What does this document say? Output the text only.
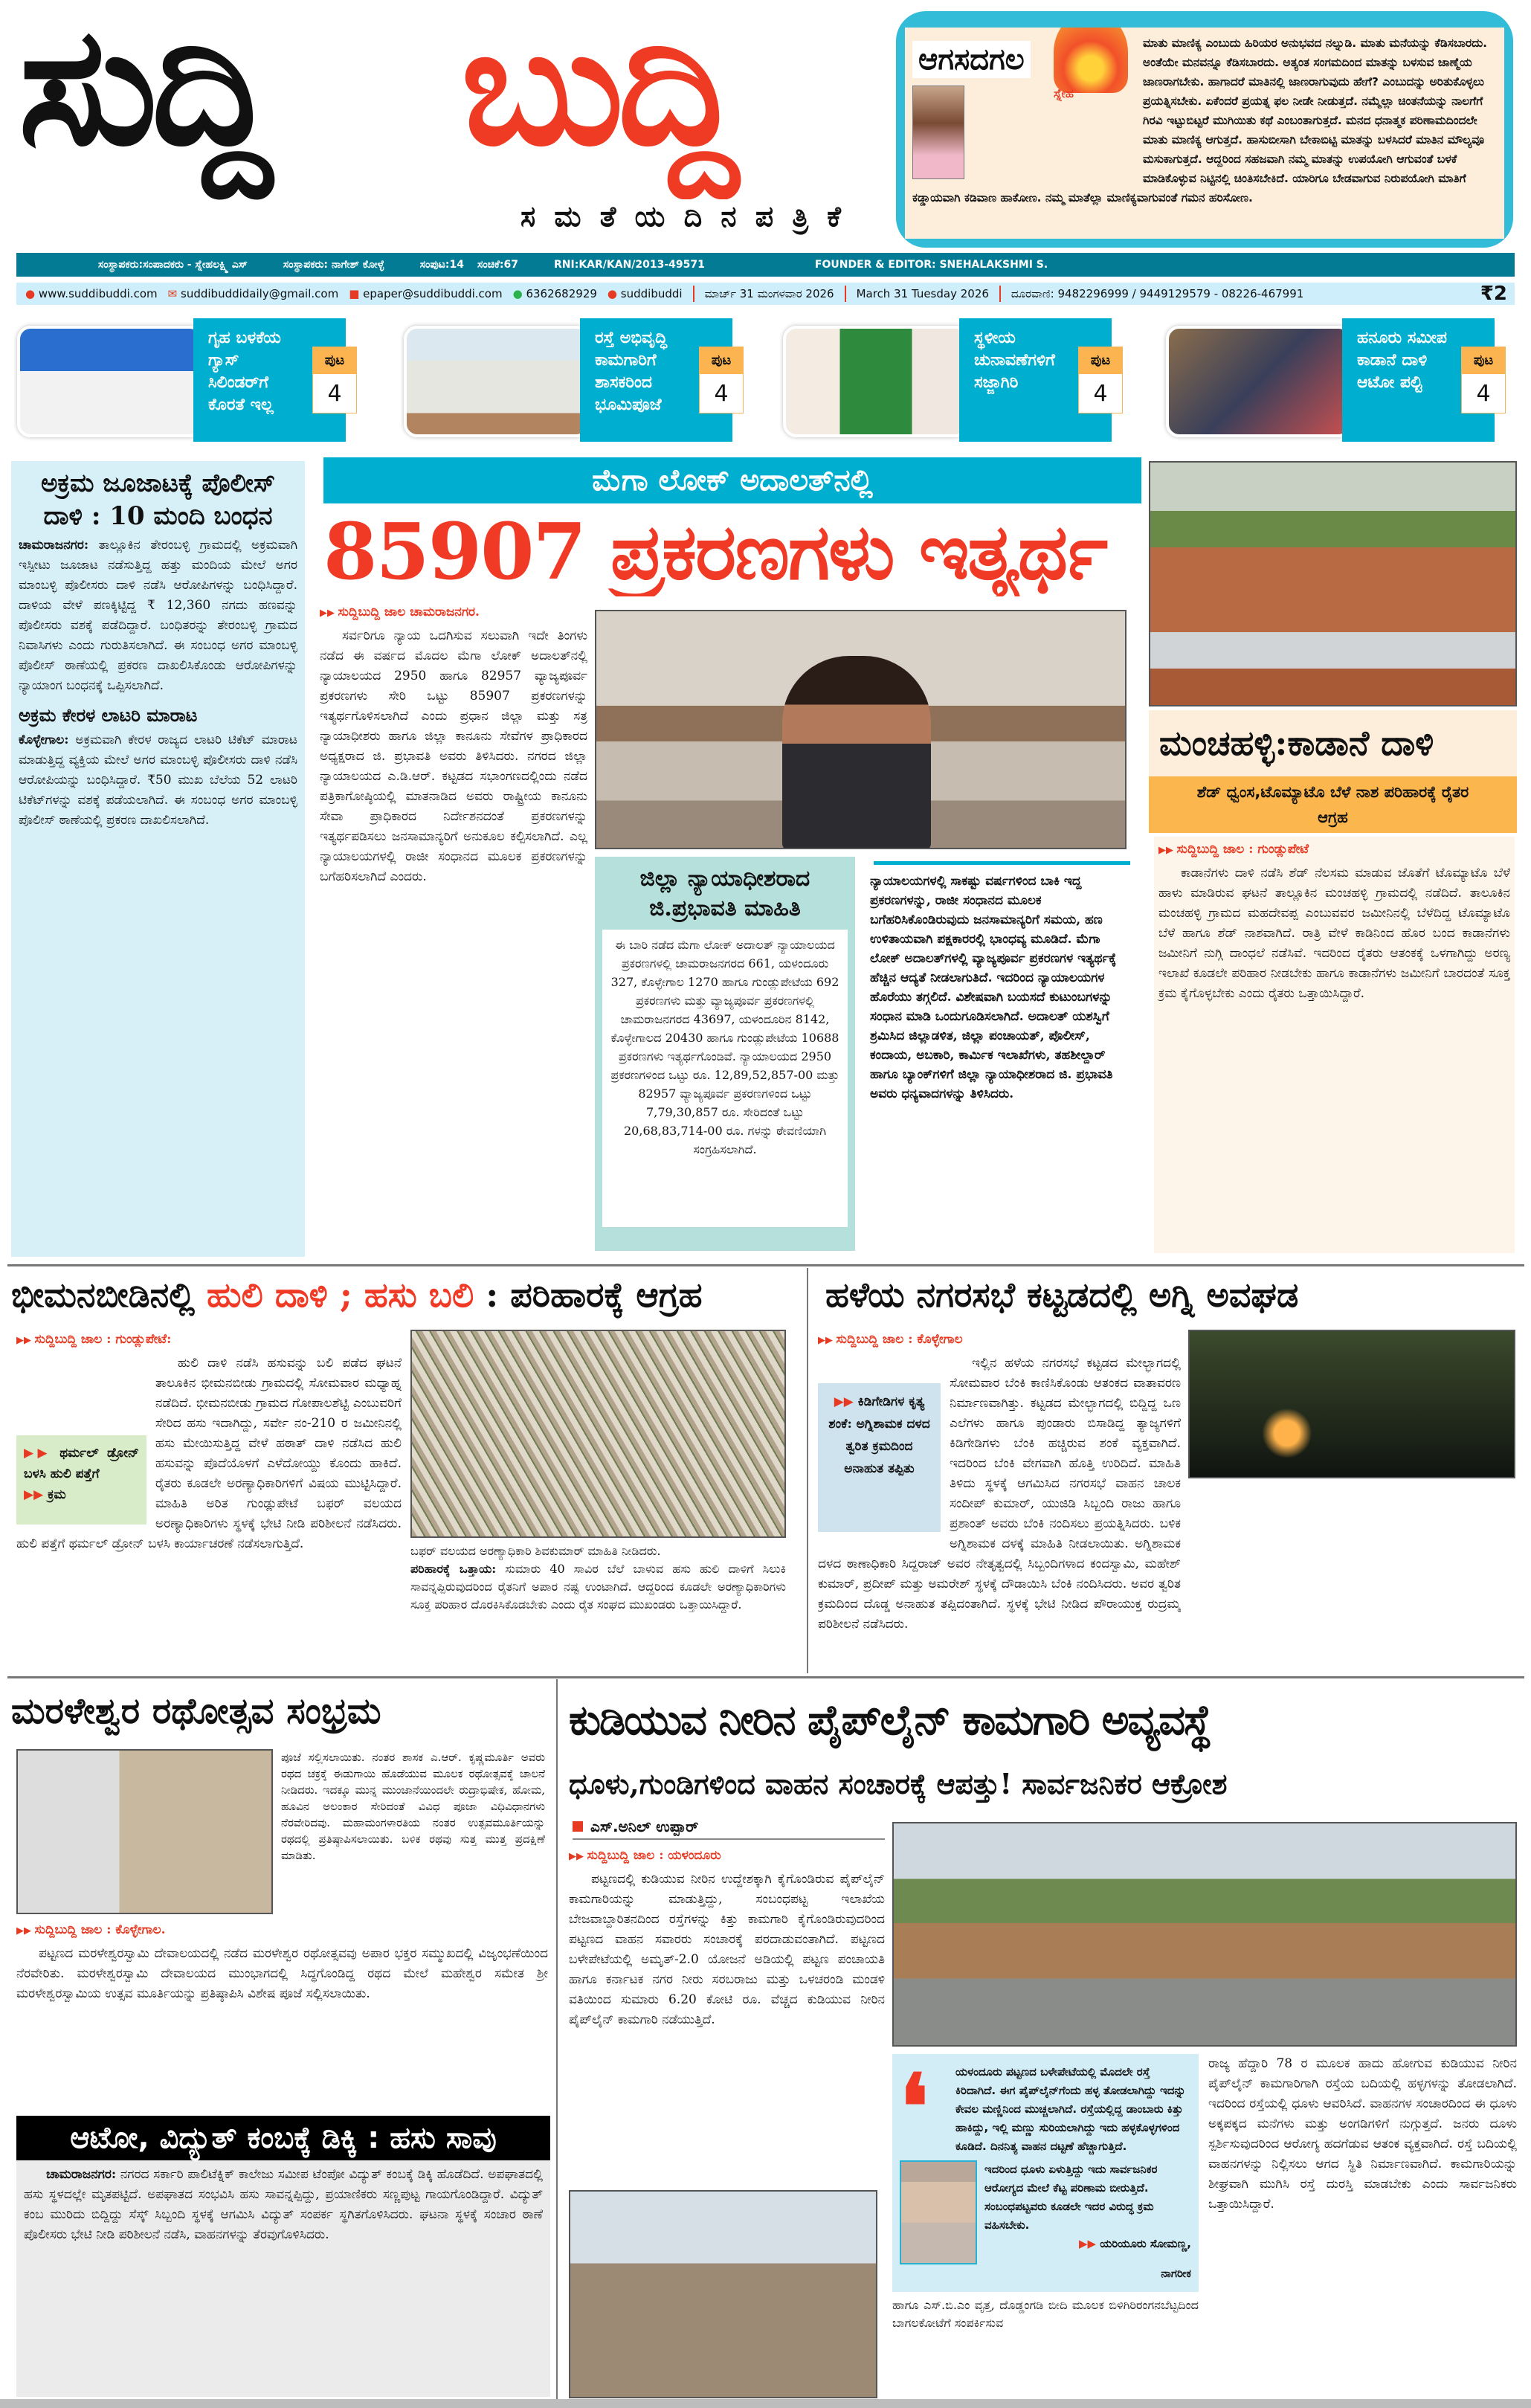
ಸುದ್ದಿ ಬುದ್ದಿ
ಸ ಮ ತೆ ಯ ದಿ ನ ಪ ತ್ರಿ ಕೆ
ಆಗಸದಗಲ
ಸ್ನೇಹ
ಮಾತು ಮಾಣಿಕ್ಯ ಎಂಬುದು ಹಿರಿಯರ ಅನುಭವದ ನಲ್ನುಡಿ. ಮಾತು ಮನೆಯನ್ನು ಕೆಡಿಸಬಾರದು. ಅಂತೆಯೇ ಮನವನ್ನೂ ಕೆಡಿಸಬಾರದು. ಅತ್ಯಂತ ಸಂಗಮದಿಂದ ಮಾತನ್ನು ಬಳಸುವ ಜಾಣ್ಮೆಯ ಜಾಣರಾಗಬೇಕು. ಹಾಗಾದರೆ ಮಾತಿನಲ್ಲಿ ಜಾಣರಾಗುವುದು ಹೇಗೆ? ಎಂಬುದನ್ನು ಅರಿತುಕೊಳ್ಳಲು ಪ್ರಯತ್ನಿಸಬೇಕು. ಏಕೆಂದರೆ ಪ್ರಯತ್ನ ಫಲ ನೀಡೇ ನೀಡುತ್ತದೆ. ನಮ್ಮೆಲ್ಲಾ ಚಿಂತನೆಯನ್ನು ನಾಲಗೆಗೆ ಗಿರವಿ ಇಟ್ಟುಬಿಟ್ಟರೆ ಮುಗಿಯಿತು ಕಥೆ ಎಂಬಂತಾಗುತ್ತದೆ. ಮನದ ಧನಾತ್ಮಕ ಪರಿಣಾಮದಿಂದಲೇ ಮಾತು ಮಾಣಿಕ್ಯ ಆಗುತ್ತದೆ. ಹಾಸುಬೀಸಾಗಿ ಬೇಕಾಬಿಟ್ಟಿ ಮಾತನ್ನು ಬಳಸಿದರೆ ಮಾತಿನ ಮೌಲ್ಯವೂ ಮಸುಕಾಗುತ್ತದೆ. ಆದ್ದರಿಂದ ಸಹಜವಾಗಿ ನಮ್ಮ ಮಾತನ್ನು ಉಪಯೋಗಿ ಆಗುವಂತೆ ಬಳಕೆ ಮಾಡಿಕೊಳ್ಳುವ ನಿಟ್ಟಿನಲ್ಲಿ ಚಿಂತಿಸಬೇಕಿದೆ. ಯಾರಿಗೂ ಬೇಡವಾಗುವ ನಿರುಪಯೋಗಿ ಮಾತಿಗೆ ಕಡ್ಡಾಯವಾಗಿ ಕಡಿವಾಣ ಹಾಕೋಣ. ನಮ್ಮ ಮಾತೆಲ್ಲಾ ಮಾಣಿಕ್ಯವಾಗುವಂತೆ ಗಮನ ಹರಿಸೋಣ.
ಸಂಸ್ಥಾಪಕರು:ಸಂಪಾದಕರು - ಸ್ನೇಹಲಕ್ಷ್ಮಿ ಎಸ್	ಸಂಸ್ಥಾಪಕರು: ನಾಗೇಶ್ ಕೋಳ್ಳೆ	ಸಂಪುಟ:14 ಸಂಚಿಕೆ:67	RNI:KAR/KAN/2013-49571	FOUNDER & EDITOR: SNEHALAKSHMI S.
● www.suddibuddi.com ✉ suddibuddidaily@gmail.com ■ epaper@suddibuddi.com ● 6362682929 ● suddibuddi ಮಾರ್ಚ್ 31 ಮಂಗಳವಾರ 2026 March 31 Tuesday 2026 ದೂರವಾಣಿ: 9482296999 / 9449129579 - 08226-467991	₹2
ಗೃಹ ಬಳಕೆಯ ಗ್ಯಾಸ್ ಸಿಲಿಂಡರ್‌ಗೆ ಕೊರತೆ ಇಲ್ಲ
ಪುಟ
4
ರಸ್ತೆ ಅಭಿವೃದ್ಧಿ ಕಾಮಗಾರಿಗೆ ಶಾಸಕರಿಂದ ಭೂಮಿಪೂಜೆ
ಪುಟ
4
ಸ್ಥಳೀಯ ಚುನಾವಣೆಗಳಿಗೆ ಸಜ್ಜಾಗಿರಿ
ಪುಟ
4
ಹನೂರು ಸಮೀಪ ಕಾಡಾನೆ ದಾಳಿ ಆಟೋ ಪಲ್ಟಿ
ಪುಟ
4
ಅಕ್ರಮ ಜೂಜಾಟಕ್ಕೆ ಪೊಲೀಸ್ ದಾಳಿ : 10 ಮಂದಿ ಬಂಧನ
ಚಾಮರಾಜನಗರ: ತಾಲ್ಲೂಕಿನ ತೇರಂಬಳ್ಳಿ ಗ್ರಾಮದಲ್ಲಿ ಅಕ್ರಮವಾಗಿ ಇಸ್ಪೀಟು ಜೂಜಾಟ ನಡೆಸುತ್ತಿದ್ದ ಹತ್ತು ಮಂದಿಯ ಮೇಲೆ ಅಗರ ಮಾಂಬಳ್ಳಿ ಪೊಲೀಸರು ದಾಳಿ ನಡೆಸಿ ಆರೋಪಿಗಳನ್ನು ಬಂಧಿಸಿದ್ದಾರೆ. ದಾಳಿಯ ವೇಳೆ ಪಣಕ್ಕಿಟ್ಟಿದ್ದ ₹ 12,360 ನಗದು ಹಣವನ್ನು ಪೊಲೀಸರು ವಶಕ್ಕೆ ಪಡೆದಿದ್ದಾರೆ. ಬಂಧಿತರನ್ನು ತೇರಂಬಳ್ಳಿ ಗ್ರಾಮದ ನಿವಾಸಿಗಳು ಎಂದು ಗುರುತಿಸಲಾಗಿದೆ. ಈ ಸಂಬಂಧ ಅಗರ ಮಾಂಬಳ್ಳಿ ಪೊಲೀಸ್ ಠಾಣೆಯಲ್ಲಿ ಪ್ರಕರಣ ದಾಖಲಿಸಿಕೊಂಡು ಆರೋಪಿಗಳನ್ನು ನ್ಯಾಯಾಂಗ ಬಂಧನಕ್ಕೆ ಒಪ್ಪಿಸಲಾಗಿದೆ.
ಅಕ್ರಮ ಕೇರಳ ಲಾಟರಿ ಮಾರಾಟ
ಕೊಳ್ಳೇಗಾಲ: ಅಕ್ರಮವಾಗಿ ಕೇರಳ ರಾಜ್ಯದ ಲಾಟರಿ ಟಿಕೆಟ್ ಮಾರಾಟ ಮಾಡುತ್ತಿದ್ದ ವ್ಯಕ್ತಿಯ ಮೇಲೆ ಅಗರ ಮಾಂಬಳ್ಳಿ ಪೊಲೀಸರು ದಾಳಿ ನಡೆಸಿ ಆರೋಪಿಯನ್ನು ಬಂಧಿಸಿದ್ದಾರೆ. ₹50 ಮುಖ ಬೆಲೆಯ 52 ಲಾಟರಿ ಟಿಕೆಟ್‌ಗಳನ್ನು ವಶಕ್ಕೆ ಪಡೆಯಲಾಗಿದೆ. ಈ ಸಂಬಂಧ ಅಗರ ಮಾಂಬಳ್ಳಿ ಪೊಲೀಸ್ ಠಾಣೆಯಲ್ಲಿ ಪ್ರಕರಣ ದಾಖಲಿಸಲಾಗಿದೆ.
ಮೆಗಾ ಲೋಕ್ ಅದಾಲತ್‌ನಲ್ಲಿ
85907 ಪ್ರಕರಣಗಳು ಇತ್ಯರ್ಥ
▶▶ ಸುದ್ದಿಬುದ್ದಿ ಜಾಲ ಚಾಮರಾಜನಗರ.

ಸರ್ವರಿಗೂ ನ್ಯಾಯ ಒದಗಿಸುವ ಸಲುವಾಗಿ ಇದೇ ತಿಂಗಳು ನಡೆದ ಈ ವರ್ಷದ ಮೊದಲ ಮೆಗಾ ಲೋಕ್ ಅದಾಲತ್‌ನಲ್ಲಿ ನ್ಯಾಯಾಲಯದ 2950 ಹಾಗೂ 82957 ವ್ಯಾಜ್ಯಪೂರ್ವ ಪ್ರಕರಣಗಳು ಸೇರಿ ಒಟ್ಟು 85907 ಪ್ರಕರಣಗಳನ್ನು ಇತ್ಯರ್ಥಗೊಳಿಸಲಾಗಿದೆ ಎಂದು ಪ್ರಧಾನ ಜಿಲ್ಲಾ ಮತ್ತು ಸತ್ರ ನ್ಯಾಯಾಧೀಶರು ಹಾಗೂ ಜಿಲ್ಲಾ ಕಾನೂನು ಸೇವೆಗಳ ಪ್ರಾಧಿಕಾರದ ಅಧ್ಯಕ್ಷರಾದ ಜಿ. ಪ್ರಭಾವತಿ ಅವರು ತಿಳಿಸಿದರು. ನಗರದ ಜಿಲ್ಲಾ ನ್ಯಾಯಾಲಯದ ಎ.ಡಿ.ಆರ್. ಕಟ್ಟಡದ ಸಭಾಂಗಣದಲ್ಲಿಂದು ನಡೆದ ಪತ್ರಿಕಾಗೋಷ್ಠಿಯಲ್ಲಿ ಮಾತನಾಡಿದ ಅವರು ರಾಷ್ಟ್ರೀಯ ಕಾನೂನು ಸೇವಾ ಪ್ರಾಧಿಕಾರದ ನಿರ್ದೇಶನದಂತೆ ಪ್ರಕರಣಗಳನ್ನು ಇತ್ಯರ್ಥಪಡಿಸಲು ಜನಸಾಮಾನ್ಯರಿಗೆ ಅನುಕೂಲ ಕಲ್ಪಿಸಲಾಗಿದೆ. ಎಲ್ಲ ನ್ಯಾಯಾಲಯಗಳಲ್ಲಿ ರಾಜೀ ಸಂಧಾನದ ಮೂಲಕ ಪ್ರಕರಣಗಳನ್ನು ಬಗೆಹರಿಸಲಾಗಿದೆ ಎಂದರು.	ಜಿಲ್ಲಾ ನ್ಯಾಯಾಧೀಶರಾದ ಜಿ.ಪ್ರಭಾವತಿ ಮಾಹಿತಿ
ಈ ಬಾರಿ ನಡೆದ ಮೆಗಾ ಲೋಕ್ ಅದಾಲತ್ ನ್ಯಾಯಾಲಯದ ಪ್ರಕರಣಗಳಲ್ಲಿ ಚಾಮರಾಜನಗರದ 661, ಯಳಂದೂರು 327, ಕೊಳ್ಳೇಗಾಲ 1270 ಹಾಗೂ ಗುಂಡ್ಲುಪೇಟೆಯ 692 ಪ್ರಕರಣಗಳು ಮತ್ತು ವ್ಯಾಜ್ಯಪೂರ್ವ ಪ್ರಕರಣಗಳಲ್ಲಿ ಚಾಮರಾಜನಗರದ 43697, ಯಳಂದೂರಿನ 8142, ಕೊಳ್ಳೇಗಾಲದ 20430 ಹಾಗೂ ಗುಂಡ್ಲುಪೇಟೆಯ 10688 ಪ್ರಕರಣಗಳು ಇತ್ಯರ್ಥಗೊಂಡಿವೆ. ನ್ಯಾಯಾಲಯದ 2950 ಪ್ರಕರಣಗಳಿಂದ ಒಟ್ಟು ರೂ. 12,89,52,857-00 ಮತ್ತು 82957 ವ್ಯಾಜ್ಯಪೂರ್ವ ಪ್ರಕರಣಗಳಿಂದ ಒಟ್ಟು 7,79,30,857 ರೂ. ಸೇರಿದಂತೆ ಒಟ್ಟು 20,68,83,714-00 ರೂ. ಗಳನ್ನು ಠೇವಣಿಯಾಗಿ ಸಂಗ್ರಹಿಸಲಾಗಿದೆ.
ನ್ಯಾಯಾಲಯಗಳಲ್ಲಿ ಸಾಕಷ್ಟು ವರ್ಷಗಳಿಂದ ಬಾಕಿ ಇದ್ದ ಪ್ರಕರಣಗಳನ್ನು, ರಾಜೀ ಸಂಧಾನದ ಮೂಲಕ ಬಗೆಹರಿಸಿಕೊಂಡಿರುವುದು ಜನಸಾಮಾನ್ಯರಿಗೆ ಸಮಯ, ಹಣ ಉಳಿತಾಯವಾಗಿ ಪಕ್ಷಕಾರರಲ್ಲಿ ಭಾಂಧವ್ಯ ಮೂಡಿದೆ. ಮೆಗಾ ಲೋಕ್ ಅದಾಲತ್‌ಗಳಲ್ಲಿ ವ್ಯಾಜ್ಯಪೂರ್ವ ಪ್ರಕರಣಗಳ ಇತ್ಯರ್ಥಕ್ಕೆ ಹೆಚ್ಚಿನ ಆದ್ಯತೆ ನೀಡಲಾಗುತಿದೆ. ಇದರಿಂದ ನ್ಯಾಯಾಲಯಗಳ ಹೊರೆಯು ತಗ್ಗಲಿದೆ. ವಿಶೇಷವಾಗಿ ಬಯಸದೆ ಕುಟುಂಬಗಳನ್ನು ಸಂಧಾನ ಮಾಡಿ ಒಂದುಗೂಡಿಸಲಾಗಿದೆ. ಅದಾಲತ್ ಯಶಸ್ವಿಗೆ ಶ್ರಮಿಸಿದ ಜಿಲ್ಲಾಡಳಿತ, ಜಿಲ್ಲಾ ಪಂಚಾಯತ್, ಪೊಲೀಸ್, ಕಂದಾಯ, ಅಬಕಾರಿ, ಕಾರ್ಮಿಕ ಇಲಾಖೆಗಳು, ತಹಶೀಲ್ದಾರ್ ಹಾಗೂ ಬ್ಯಾಂಕ್‌ಗಳಿಗೆ ಜಿಲ್ಲಾ ನ್ಯಾಯಾಧೀಶರಾದ ಜಿ. ಪ್ರಭಾವತಿ ಅವರು ಧನ್ಯವಾದಗಳನ್ನು ತಿಳಿಸಿದರು.
ಮಂಚಹಳ್ಳಿ:ಕಾಡಾನೆ ದಾಳಿ
ಶೆಡ್ ಧ್ವಂಸ,ಟೊಮ್ಯಾಟೊ ಬೆಳೆ ನಾಶ ಪರಿಹಾರಕ್ಕೆ ರೈತರ ಆಗ್ರಹ
▶▶ ಸುದ್ದಿಬುದ್ದಿ ಜಾಲ : ಗುಂಡ್ಲುಪೇಟೆ

ಕಾಡಾನೆಗಳು ದಾಳಿ ನಡೆಸಿ ಶೆಡ್ ನೆಲಸಮ ಮಾಡುವ ಜೊತೆಗೆ ಟೊಮ್ಯಾಟೊ ಬೆಳೆ ಹಾಳು ಮಾಡಿರುವ ಘಟನೆ ತಾಲ್ಲೂಕಿನ ಮಂಚಹಳ್ಳಿ ಗ್ರಾಮದಲ್ಲಿ ನಡೆದಿದೆ. ತಾಲೂಕಿನ ಮಂಚಹಳ್ಳಿ ಗ್ರಾಮದ ಮಹದೇವಪ್ಪ ಎಂಬುವವರ ಜಮೀನಿನಲ್ಲಿ ಬೆಳೆದಿದ್ದ ಟೊಮ್ಯಾಟೊ ಬೆಳೆ ಹಾಗೂ ಶೆಡ್ ನಾಶವಾಗಿದೆ. ರಾತ್ರಿ ವೇಳೆ ಕಾಡಿನಿಂದ ಹೊರ ಬಂದ ಕಾಡಾನೆಗಳು ಜಮೀನಿಗೆ ನುಗ್ಗಿ ದಾಂಧಲೆ ನಡೆಸಿವೆ. ಇದರಿಂದ ರೈತರು ಆತಂಕಕ್ಕೆ ಒಳಗಾಗಿದ್ದು ಅರಣ್ಯ ಇಲಾಖೆ ಕೂಡಲೇ ಪರಿಹಾರ ನೀಡಬೇಕು ಹಾಗೂ ಕಾಡಾನೆಗಳು ಜಮೀನಿಗೆ ಬಾರದಂತೆ ಸೂಕ್ತ ಕ್ರಮ ಕೈಗೊಳ್ಳಬೇಕು ಎಂದು ರೈತರು ಒತ್ತಾಯಿಸಿದ್ದಾರೆ.

ಭೀಮನಬೀಡಿನಲ್ಲಿ ಹುಲಿ ದಾಳಿ ; ಹಸು ಬಲಿ : ಪರಿಹಾರಕ್ಕೆ ಆಗ್ರಹ
▶▶ ಸುದ್ದಿಬುದ್ದಿ ಜಾಲ : ಗುಂಡ್ಲುಪೇಟೆ:
▶▶ ಥರ್ಮಲ್ ಡ್ರೋನ್ ಬಳಸಿ ಹುಲಿ ಪತ್ತೆಗೆ
▶▶ ಕ್ರಮ

ಹುಲಿ ದಾಳಿ ನಡೆಸಿ ಹಸುವನ್ನು ಬಲಿ ಪಡೆದ ಘಟನೆ ತಾಲೂಕಿನ ಭೀಮನಬೀಡು ಗ್ರಾಮದಲ್ಲಿ ಸೋಮವಾರ ಮಧ್ಯಾಹ್ನ ನಡೆದಿದೆ. ಭೀಮನಬೀಡು ಗ್ರಾಮದ ಗೋಪಾಲಶೆಟ್ಟಿ ಎಂಬುವರಿಗೆ ಸೇರಿದ ಹಸು ಇದಾಗಿದ್ದು, ಸರ್ವೇ ನಂ-210 ರ ಜಮೀನಿನಲ್ಲಿ ಹಸು ಮೇಯಿಸುತ್ತಿದ್ದ ವೇಳೆ ಹಠಾತ್ ದಾಳಿ ನಡೆಸಿದ ಹುಲಿ ಹಸುವನ್ನು ಪೊದೆಯೊಳಗೆ ಎಳೆದೋಯ್ದು ಕೊಂದು ಹಾಕಿದೆ. ರೈತರು ಕೂಡಲೇ ಅರಣ್ಯಾಧಿಕಾರಿಗಳಿಗೆ ವಿಷಯ ಮುಟ್ಟಿಸಿದ್ದಾರೆ. ಮಾಹಿತಿ ಅರಿತ ಗುಂಡ್ಲುಪೇಟೆ ಬಫರ್ ವಲಯದ ಅರಣ್ಯಾಧಿಕಾರಿಗಳು ಸ್ಥಳಕ್ಕೆ ಭೇಟಿ ನೀಡಿ ಪರಿಶೀಲನೆ ನಡೆಸಿದರು. ಹುಲಿ ಪತ್ತೆಗೆ ಥರ್ಮಲ್ ಡ್ರೋನ್ ಬಳಸಿ ಕಾರ್ಯಾಚರಣೆ ನಡೆಸಲಾಗುತ್ತಿದೆ.	ಬಫರ್ ವಲಯದ ಅರಣ್ಯಾಧಿಕಾರಿ ಶಿವಕುಮಾರ್ ಮಾಹಿತಿ ನೀಡಿದರು.
ಪರಿಹಾರಕ್ಕೆ ಒತ್ತಾಯ: ಸುಮಾರು 40 ಸಾವಿರ ಬೆಲೆ ಬಾಳುವ ಹಸು ಹುಲಿ ದಾಳಿಗೆ ಸಿಲುಕಿ ಸಾವನ್ನಪ್ಪಿರುವುದರಿಂದ ರೈತನಿಗೆ ಅಪಾರ ನಷ್ಟ ಉಂಟಾಗಿದೆ. ಆದ್ದರಿಂದ ಕೂಡಲೇ ಅರಣ್ಯಾಧಿಕಾರಿಗಳು ಸೂಕ್ತ ಪರಿಹಾರ ದೊರಕಿಸಿಕೊಡಬೇಕು ಎಂದು ರೈತ ಸಂಘದ ಮುಖಂಡರು ಒತ್ತಾಯಿಸಿದ್ದಾರೆ.
ಹಳೆಯ ನಗರಸಭೆ ಕಟ್ಟಡದಲ್ಲಿ ಅಗ್ನಿ ಅವಘಡ
▶▶ ಸುದ್ದಿಬುದ್ದಿ ಜಾಲ : ಕೊಳ್ಳೇಗಾಲ
▶▶ ಕಿಡಿಗೇಡಿಗಳ ಕೃತ್ಯ ಶಂಕೆ: ಅಗ್ನಿಶಾಮಕ ದಳದ ತ್ವರಿತ ಕ್ರಮದಿಂದ ಅನಾಹುತ ತಪ್ಪಿತು

ಇಲ್ಲಿನ ಹಳೆಯ ನಗರಸಭೆ ಕಟ್ಟಡದ ಮೇಲ್ಭಾಗದಲ್ಲಿ ಸೋಮವಾರ ಬೆಂಕಿ ಕಾಣಿಸಿಕೊಂಡು ಆತಂಕದ ವಾತಾವರಣ ನಿರ್ಮಾಣವಾಗಿತ್ತು. ಕಟ್ಟಡದ ಮೇಲ್ಭಾಗದಲ್ಲಿ ಬಿದ್ದಿದ್ದ ಒಣ ಎಲೆಗಳು ಹಾಗೂ ಪುಂಡಾರು ಬಿಸಾಡಿದ್ದ ತ್ಯಾಜ್ಯಗಳಿಗೆ ಕಿಡಿಗೇಡಿಗಳು ಬೆಂಕಿ ಹಚ್ಚಿರುವ ಶಂಕೆ ವ್ಯಕ್ತವಾಗಿದೆ. ಇದರಿಂದ ಬೆಂಕಿ ವೇಗವಾಗಿ ಹೊತ್ತಿ ಉರಿದಿದೆ. ಮಾಹಿತಿ ತಿಳಿದು ಸ್ಥಳಕ್ಕೆ ಆಗಮಿಸಿದ ನಗರಸಭೆ ವಾಹನ ಚಾಲಕ ಸಂದೀಪ್ ಕುಮಾರ್, ಯುಜಿಡಿ ಸಿಬ್ಬಂದಿ ರಾಜು ಹಾಗೂ ಪ್ರಶಾಂತ್ ಅವರು ಬೆಂಕಿ ನಂದಿಸಲು ಪ್ರಯತ್ನಿಸಿದರು. ಬಳಿಕ ಅಗ್ನಿಶಾಮಕ ದಳಕ್ಕೆ ಮಾಹಿತಿ ನೀಡಲಾಯಿತು. ಅಗ್ನಿಶಾಮಕ ದಳದ ಠಾಣಾಧಿಕಾರಿ ಸಿದ್ದರಾಜ್ ಅವರ ನೇತೃತ್ವದಲ್ಲಿ ಸಿಬ್ಬಂದಿಗಳಾದ ಕಂದಸ್ವಾಮಿ, ಮಹೇಶ್ ಕುಮಾರ್, ಪ್ರದೀಪ್ ಮತ್ತು ಅಮರೇಶ್ ಸ್ಥಳಕ್ಕೆ ದೌಡಾಯಿಸಿ ಬೆಂಕಿ ನಂದಿಸಿದರು. ಅವರ ತ್ವರಿತ ಕ್ರಮದಿಂದ ದೊಡ್ಡ ಅನಾಹುತ ತಪ್ಪಿದಂತಾಗಿದೆ. ಸ್ಥಳಕ್ಕೆ ಭೇಟಿ ನೀಡಿದ ಪೌರಾಯುಕ್ತ ರುದ್ರಮ್ಮ ಪರಿಶೀಲನೆ ನಡೆಸಿದರು.

ಮರಳೇಶ್ವರ ರಥೋತ್ಸವ ಸಂಭ್ರಮ
ಪೂಜೆ ಸಲ್ಲಿಸಲಾಯಿತು. ನಂತರ ಶಾಸಕ ಎ.ಆರ್. ಕೃಷ್ಣಮೂರ್ತಿ ಅವರು ರಥದ ಚಕ್ರಕ್ಕೆ ಈಡುಗಾಯಿ ಹೊಡೆಯುವ ಮೂಲಕ ರಥೋತ್ಸವಕ್ಕೆ ಚಾಲನೆ ನೀಡಿದರು. ಇದಕ್ಕೂ ಮುನ್ನ ಮುಂಜಾನೆಯಿಂದಲೇ ರುದ್ರಾಭಿಷೇಕ, ಹೋಮ, ಹೂವಿನ ಅಲಂಕಾರ ಸೇರಿದಂತೆ ವಿವಿಧ ಪೂಜಾ ವಿಧಿವಿಧಾನಗಳು ನೆರವೇರಿದವು. ಮಹಾಮಂಗಳಾರತಿಯ ನಂತರ ಉತ್ಸವಮೂರ್ತಿಯನ್ನು ರಥದಲ್ಲಿ ಪ್ರತಿಷ್ಠಾಪಿಸಲಾಯಿತು. ಬಳಿಕ ರಥವು ಸುತ್ತ ಮುತ್ತ ಪ್ರದಕ್ಷಿಣೆ ಮಾಡಿತು.
▶▶ ಸುದ್ದಿಬುದ್ದಿ ಜಾಲ : ಕೊಳ್ಳೇಗಾಲ.

ಪಟ್ಟಣದ ಮರಳೇಶ್ವರಸ್ವಾಮಿ ದೇವಾಲಯದಲ್ಲಿ ನಡೆದ ಮರಳೇಶ್ವರ ರಥೋತ್ಸವವು ಅಪಾರ ಭಕ್ತರ ಸಮ್ಮುಖದಲ್ಲಿ ವಿಜೃಂಭಣೆಯಿಂದ ನೆರವೇರಿತು. ಮರಳೇಶ್ವರಸ್ವಾಮಿ ದೇವಾಲಯದ ಮುಂಭಾಗದಲ್ಲಿ ಸಿದ್ಧಗೊಂಡಿದ್ದ ರಥದ ಮೇಲೆ ಮಹೇಶ್ವರ ಸಮೇತ ಶ್ರೀ ಮರಳೇಶ್ವರಸ್ವಾಮಿಯ ಉತ್ಸವ ಮೂರ್ತಿಯನ್ನು ಪ್ರತಿಷ್ಠಾಪಿಸಿ ವಿಶೇಷ ಪೂಜೆ ಸಲ್ಲಿಸಲಾಯಿತು.

ಆಟೋ, ವಿದ್ಯುತ್ ಕಂಬಕ್ಕೆ ಡಿಕ್ಕಿ : ಹಸು ಸಾವು

ಚಾಮರಾಜನಗರ: ನಗರದ ಸರ್ಕಾರಿ ಪಾಲಿಟೆಕ್ನಿಕ್ ಕಾಲೇಜು ಸಮೀಪ ಟೆಂಪೋ ವಿದ್ಯುತ್ ಕಂಬಕ್ಕೆ ಡಿಕ್ಕಿ ಹೊಡೆದಿದೆ. ಅಪಘಾತದಲ್ಲಿ ಹಸು ಸ್ಥಳದಲ್ಲೇ ಮೃತಪಟ್ಟಿದೆ. ಅಪಘಾತದ ಸಂಭವಿಸಿ ಹಸು ಸಾವನ್ನಪ್ಪಿದ್ದು, ಪ್ರಯಾಣಿಕರು ಸಣ್ಣಪುಟ್ಟ ಗಾಯಗೊಂಡಿದ್ದಾರೆ. ವಿದ್ಯುತ್ ಕಂಬ ಮುರಿದು ಬಿದ್ದಿದ್ದು ಸೆಸ್ಕ್ ಸಿಬ್ಬಂದಿ ಸ್ಥಳಕ್ಕೆ ಆಗಮಿಸಿ ವಿದ್ಯುತ್ ಸಂಪರ್ಕ ಸ್ಥಗಿತಗೊಳಿಸಿದರು. ಘಟನಾ ಸ್ಥಳಕ್ಕೆ ಸಂಚಾರ ಠಾಣೆ ಪೊಲೀಸರು ಭೇಟಿ ನೀಡಿ ಪರಿಶೀಲನೆ ನಡೆಸಿ, ವಾಹನಗಳನ್ನು ತೆರವುಗೊಳಿಸಿದರು.

ಕುಡಿಯುವ ನೀರಿನ ಪೈಪ್‌ಲೈನ್ ಕಾಮಗಾರಿ ಅವ್ಯವಸ್ಥೆ
ಧೂಳು,ಗುಂಡಿಗಳಿಂದ ವಾಹನ ಸಂಚಾರಕ್ಕೆ ಆಪತ್ತು! ಸಾರ್ವಜನಿಕರ ಆಕ್ರೋಶ
ಎಸ್.ಅನಿಲ್ ಉಪ್ಪಾರ್
▶▶ ಸುದ್ದಿಬುದ್ದಿ ಜಾಲ : ಯಳಂದೂರು

ಪಟ್ಟಣದಲ್ಲಿ ಕುಡಿಯುವ ನೀರಿನ ಉದ್ದೇಶಕ್ಕಾಗಿ ಕೈಗೊಂಡಿರುವ ಪೈಪ್‌ಲೈನ್ ಕಾಮಗಾರಿಯನ್ನು ಮಾಡುತ್ತಿದ್ದು, ಸಂಬಂಧಪಟ್ಟ ಇಲಾಖೆಯ ಬೇಜವಾಬ್ದಾರಿತನದಿಂದ ರಸ್ತೆಗಳನ್ನು ಕಿತ್ತು ಕಾಮಗಾರಿ ಕೈಗೊಂಡಿರುವುದರಿಂದ ಪಟ್ಟಣದ ವಾಹನ ಸವಾರರು ಸಂಚಾರಕ್ಕೆ ಪರದಾಡುವಂತಾಗಿದೆ. ಪಟ್ಟಣದ ಬಳೇಪೇಟೆಯಲ್ಲಿ ಅಮೃತ್-2.0 ಯೋಜನೆ ಅಡಿಯಲ್ಲಿ ಪಟ್ಟಣ ಪಂಚಾಯತಿ ಹಾಗೂ ಕರ್ನಾಟಕ ನಗರ ನೀರು ಸರಬರಾಜು ಮತ್ತು ಒಳಚರಂಡಿ ಮಂಡಳಿ ವತಿಯಿಂದ ಸುಮಾರು 6.20 ಕೋಟಿ ರೂ. ವೆಚ್ಚದ ಕುಡಿಯುವ ನೀರಿನ ಪೈಪ್‌ಲೈನ್ ಕಾಮಗಾರಿ ನಡೆಯುತ್ತಿದೆ.

❛	ಯಳಂದೂರು ಪಟ್ಟಣದ ಬಳೇಪೇಟೆಯಲ್ಲಿ ಮೊದಲೇ ರಸ್ತೆ ಕಿರಿದಾಗಿದೆ. ಈಗ ಪೈಪ್‌ಲೈನ್‌ಗೆಂದು ಹಳ್ಳ ತೋಡಲಾಗಿದ್ದು ಇದನ್ನು ಕೇವಲ ಮಣ್ಣಿನಿಂದ ಮುಚ್ಚಲಾಗಿದೆ. ರಸ್ತೆಯಲ್ಲಿದ್ದ ಡಾಂಬಾರು ಕಿತ್ತು ಹಾಕಿದ್ದು, ಇಲ್ಲಿ ಮಣ್ಣು ಸುರಿಯಲಾಗಿದ್ದು ಇದು ಹಳ್ಳಕೊಳ್ಳಗಳಿಂದ ಕೂಡಿದೆ. ದಿನನಿತ್ಯ ವಾಹನ ದಟ್ಟಣೆ ಹೆಚ್ಚಾಗುತ್ತಿದೆ.
ಇದರಿಂದ ಧೂಳು ಏಳುತ್ತಿದ್ದು ಇದು ಸಾರ್ವಜನಿಕರ ಆರೋಗ್ಯದ ಮೇಲೆ ಕೆಟ್ಟ ಪರಿಣಾಮ ಬೀರುತ್ತಿದೆ. ಸಂಬಂಧಪಟ್ಟವರು ಕೂಡಲೇ ಇದರ ವಿರುದ್ಧ ಕ್ರಮ ವಹಿಸಬೇಕು.
▶▶ ಯರಿಯೂರು ಸೋಮಣ್ಣ,
ನಾಗರೀಕ
ಹಾಗೂ ಎಸ್.ಬಿ.ಎಂ ವೃತ್ತ, ದೊಡ್ಡಂಗಡಿ ಬೀದಿ ಮೂಲಕ ಬಿಳಿಗಿರಿರಂಗನಬೆಟ್ಟದಿಂದ ಬಾಗಲಕೋಟೆಗೆ ಸಂಪರ್ಕಿಸುವ
ರಾಜ್ಯ ಹೆದ್ದಾರಿ 78 ರ ಮೂಲಕ ಹಾದು ಹೋಗುವ ಕುಡಿಯುವ ನೀರಿನ ಪೈಪ್‌ಲೈನ್ ಕಾಮಗಾರಿಗಾಗಿ ರಸ್ತೆಯ ಬದಿಯಲ್ಲಿ ಹಳ್ಳಗಳನ್ನು ತೋಡಲಾಗಿದೆ. ಇದರಿಂದ ರಸ್ತೆಯಲ್ಲಿ ಧೂಳು ಆವರಿಸಿದೆ. ವಾಹನಗಳ ಸಂಚಾರದಿಂದ ಈ ಧೂಳು ಅಕ್ಕಪಕ್ಕದ ಮನೆಗಳು ಮತ್ತು ಅಂಗಡಿಗಳಿಗೆ ನುಗ್ಗುತ್ತದೆ. ಜನರು ದೂಳು ಸ್ಪರ್ಶಿಸುವುದರಿಂದ ಆರೋಗ್ಯ ಹದಗೆಡುವ ಆತಂಕ ವ್ಯಕ್ತವಾಗಿದೆ. ರಸ್ತೆ ಬದಿಯಲ್ಲಿ ವಾಹನಗಳನ್ನು ನಿಲ್ಲಿಸಲು ಆಗದ ಸ್ಥಿತಿ ನಿರ್ಮಾಣವಾಗಿದೆ. ಕಾಮಗಾರಿಯನ್ನು ಶೀಘ್ರವಾಗಿ ಮುಗಿಸಿ ರಸ್ತೆ ದುರಸ್ತಿ ಮಾಡಬೇಕು ಎಂದು ಸಾರ್ವಜನಿಕರು ಒತ್ತಾಯಿಸಿದ್ದಾರೆ.
